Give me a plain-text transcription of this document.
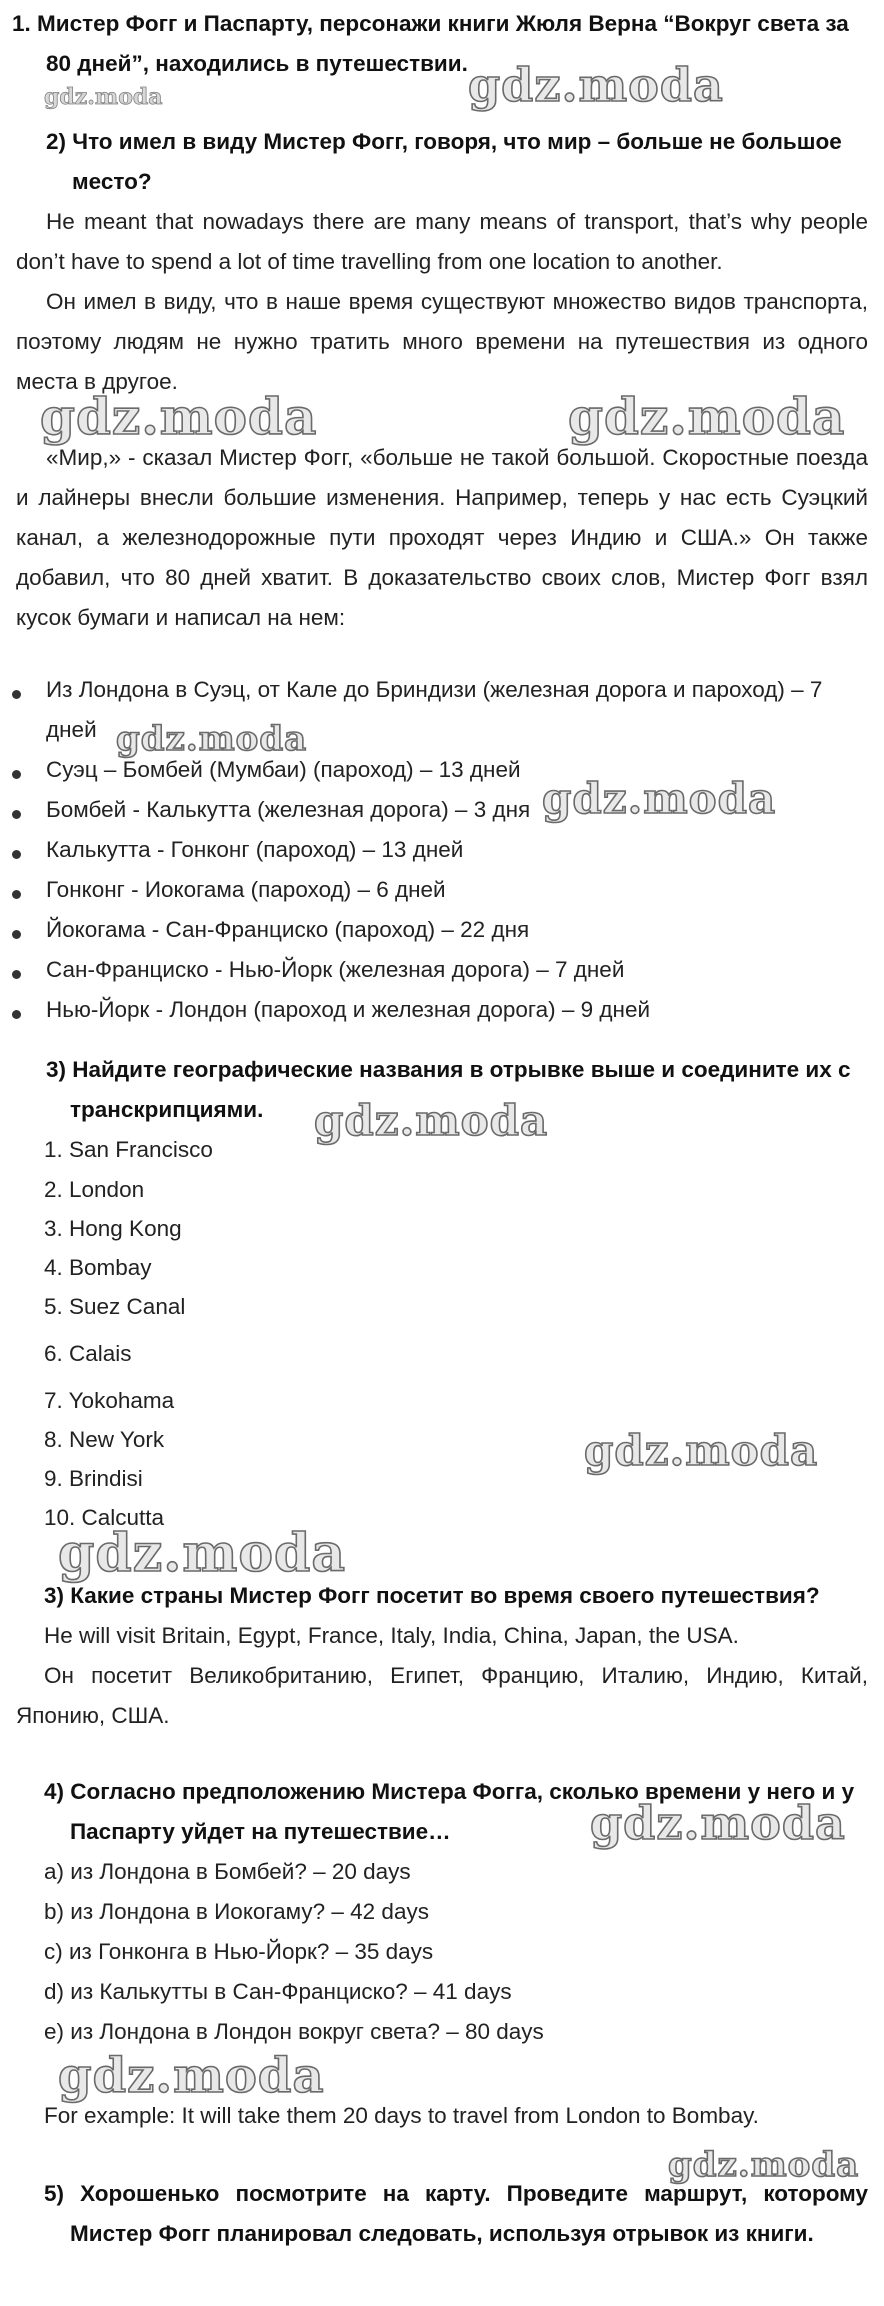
1. Мистер Фогг и Паспарту, персонажи книги Жюля Верна “Вокруг света за
80 дней”, находились в путешествии.
2) Что имел в виду Мистер Фогг, говоря, что мир – больше не большое
место?
He meant that nowadays there are many means of transport, that’s why people
don’t have to spend a lot of time travelling from one location to another.
Он имел в виду, что в наше время существуют множество видов транспорта,
поэтому людям не нужно тратить много времени на путешествия из одного
места в другое.
«Мир,» - сказал Мистер Фогг, «больше не такой большой. Скоростные поезда
и лайнеры внесли большие изменения. Например, теперь у нас есть Суэцкий
канал, а железнодорожные пути проходят через Индию и США.» Он также
добавил, что 80 дней хватит. В доказательство своих слов, Мистер Фогг взял
кусок бумаги и написал на нем:
Из Лондона в Суэц, от Кале до Бриндизи (железная дорога и пароход) – 7
дней
Суэц – Бомбей (Мумбаи) (пароход) – 13 дней
Бомбей - Калькутта (железная дорога) – 3 дня
Калькутта - Гонконг (пароход) – 13 дней
Гонконг - Иокогама (пароход) – 6 дней
Йокогама - Сан-Франциско (пароход) – 22 дня
Сан-Франциско - Нью-Йорк (железная дорога) – 7 дней
Нью-Йорк - Лондон (пароход и железная дорога) – 9 дней
3) Найдите географические названия в отрывке выше и соедините их с
транскрипциями.
1. San Francisco
2. London
3. Hong Kong
4. Bombay
5. Suez Canal
6. Calais
7. Yokohama
8. New York
9. Brindisi
10. Calcutta
3) Какие страны Мистер Фогг посетит во время своего путешествия?
He will visit Britain, Egypt, France, Italy, India, China, Japan, the USA.
Он посетит Великобританию, Египет, Францию, Италию, Индию, Китай,
Японию, США.
4) Согласно предположению Мистера Фогга, сколько времени у него и у
Паспарту уйдет на путешествие…
a) из Лондона в Бомбей? – 20 days
b) из Лондона в Иокогаму? – 42 days
c) из Гонконга в Нью-Йорк? – 35 days
d) из Калькутты в Сан-Франциско? – 41 days
e) из Лондона в Лондон вокруг света? – 80 days
For example: It will take them 20 days to travel from London to Bombay.
5) Хорошенько посмотрите на карту. Проведите маршрут, которому
Мистер Фогг планировал следовать, используя отрывок из книги.
gdz.moda	gdz.moda
gdz.moda	gdz.moda
gdz.moda
gdz.moda
gdz.moda
gdz.moda
gdz.moda
gdz.moda
gdz.moda
gdz.moda
